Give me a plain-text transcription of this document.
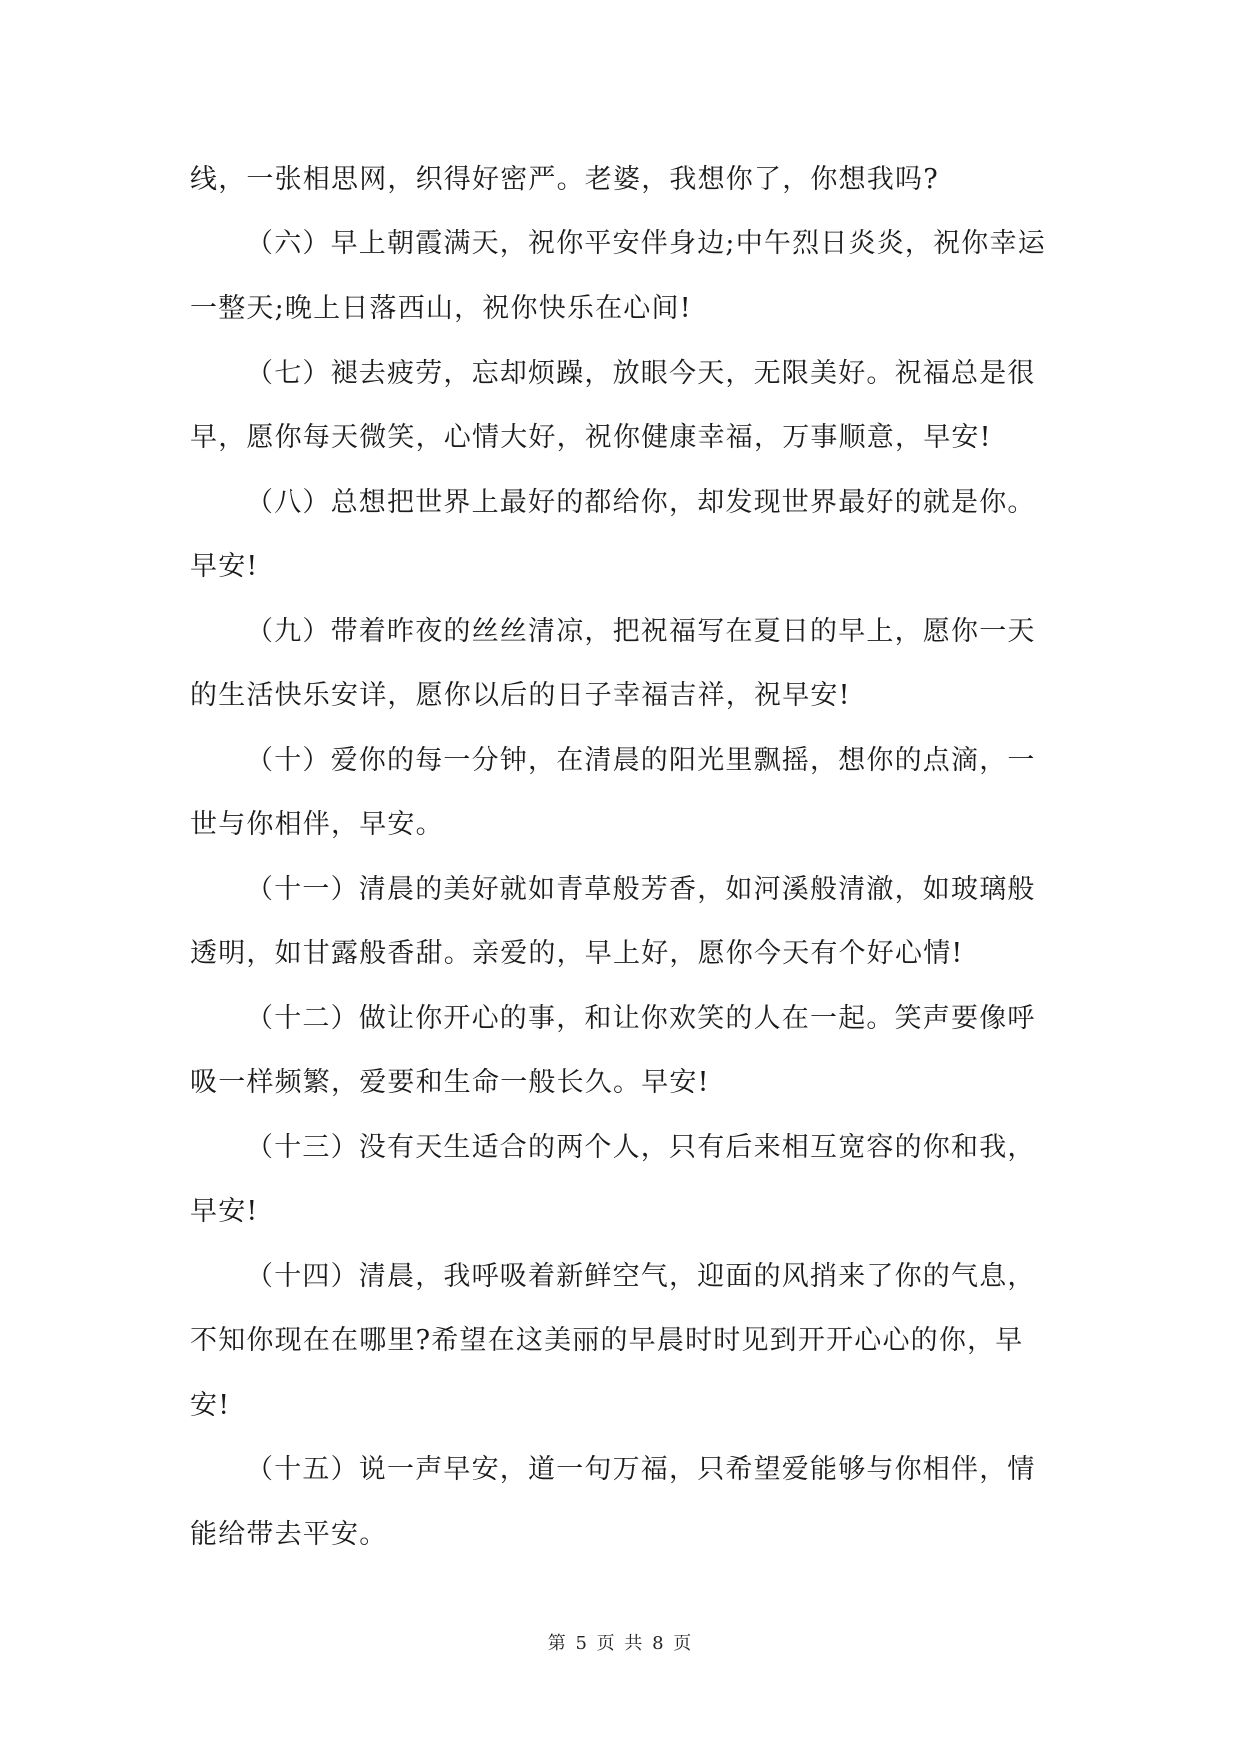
线，一张相思网，织得好密严。老婆，我想你了，你想我吗?
（六）早上朝霞满天，祝你平安伴身边;中午烈日炎炎，祝你幸运
一整天;晚上日落西山，祝你快乐在心间!
（七）褪去疲劳，忘却烦躁，放眼今天，无限美好。祝福总是很
早，愿你每天微笑，心情大好，祝你健康幸福，万事顺意，早安!
（八）总想把世界上最好的都给你，却发现世界最好的就是你。
早安!
（九）带着昨夜的丝丝清凉，把祝福写在夏日的早上，愿你一天
的生活快乐安详，愿你以后的日子幸福吉祥，祝早安!
（十）爱你的每一分钟，在清晨的阳光里飘摇，想你的点滴，一
世与你相伴，早安。
（十一）清晨的美好就如青草般芳香，如河溪般清澈，如玻璃般
透明，如甘露般香甜。亲爱的，早上好，愿你今天有个好心情!
（十二）做让你开心的事，和让你欢笑的人在一起。笑声要像呼
吸一样频繁，爱要和生命一般长久。早安!
（十三）没有天生适合的两个人，只有后来相互宽容的你和我，
早安!
（十四）清晨，我呼吸着新鲜空气，迎面的风捎来了你的气息，
不知你现在在哪里?希望在这美丽的早晨时时见到开开心心的你，早
安!
（十五）说一声早安，道一句万福，只希望爱能够与你相伴，情
能给带去平安。
第 5 页 共 8 页
